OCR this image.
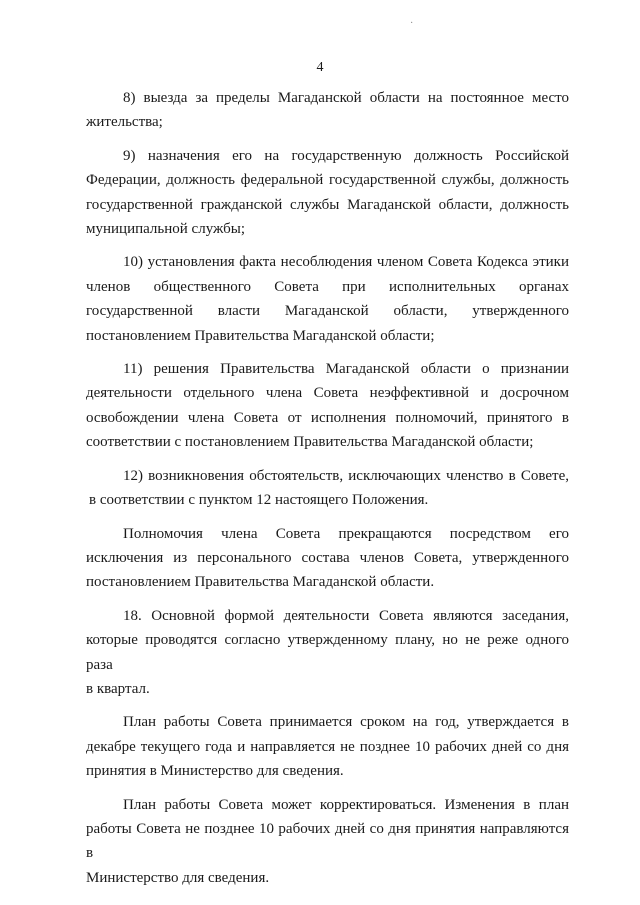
·
4

8) выезда за пределы Магаданской области на постоянное место
жительства;

9) назначения его на государственную должность Российской
Федерации, должность федеральной государственной службы, должность
государственной гражданской службы Магаданской области, должность
муниципальной службы;

10) установления факта несоблюдения членом Совета Кодекса этики
членов общественного Совета при исполнительных органах
государственной власти Магаданской области, утвержденного
постановлением Правительства Магаданской области;

11) решения Правительства Магаданской области о признании
деятельности отдельного члена Совета неэффективной и досрочном
освобождении члена Совета от исполнения полномочий, принятого в
соответствии с постановлением Правительства Магаданской области;

12) возникновения обстоятельств, исключающих членство в Совете,
в соответствии с пунктом 12 настоящего Положения.

Полномочия члена Совета прекращаются посредством его
исключения из персонального состава членов Совета, утвержденного
постановлением Правительства Магаданской области.

18. Основной формой деятельности Совета являются заседания,
которые проводятся согласно утвержденному плану, но не реже одного раза
в квартал.

План работы Совета принимается сроком на год, утверждается в
декабре текущего года и направляется не позднее 10 рабочих дней со дня
принятия в Министерство для сведения.

План работы Совета может корректироваться. Изменения в план
работы Совета не позднее 10 рабочих дней со дня принятия направляются в
Министерство для сведения.
